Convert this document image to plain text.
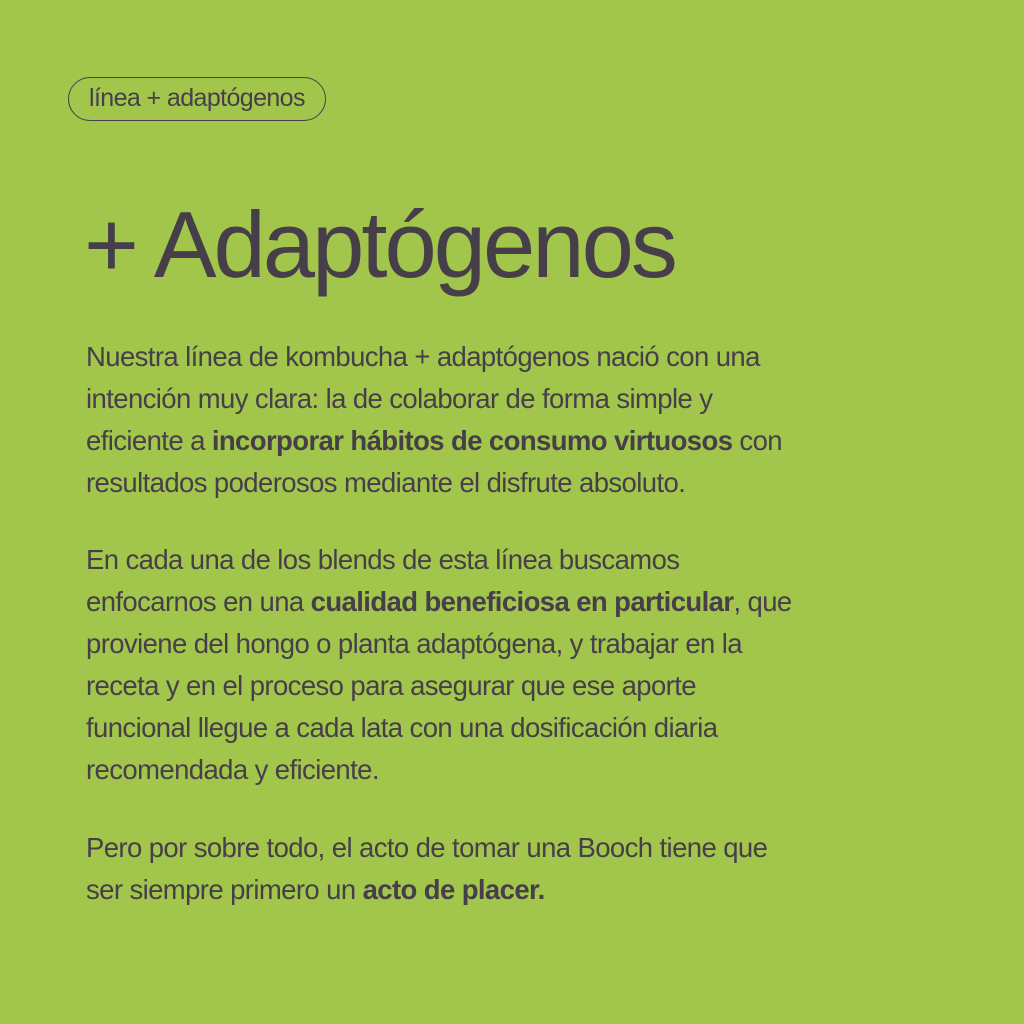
línea + adaptógenos
+ Adaptógenos

Nuestra línea de kombucha + adaptógenos nació con una
intención muy clara: la de colaborar de forma simple y
eficiente a incorporar hábitos de consumo virtuosos con
resultados poderosos mediante el disfrute absoluto.

En cada una de los blends de esta línea buscamos
enfocarnos en una cualidad beneficiosa en particular, que
proviene del hongo o planta adaptógena, y trabajar en la
receta y en el proceso para asegurar que ese aporte
funcional llegue a cada lata con una dosificación diaria
recomendada y eficiente.

Pero por sobre todo, el acto de tomar una Booch tiene que
ser siempre primero un acto de placer.
